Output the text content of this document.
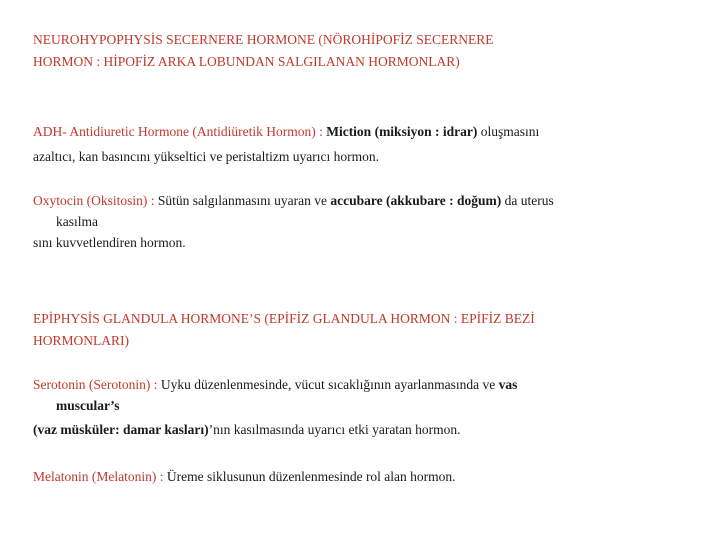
NEUROHYPOPHYSİS SECERNERE HORMONE (NÖROHİPOFİZ SECERNERE
HORMON : HİPOFİZ ARKA LOBUNDAN SALGILANAN HORMONLAR)
ADH- Antidiuretic Hormone (Antidiüretik Hormon) : Miction (miksiyon : idrar) oluşmasını
azaltıcı, kan basıncını yükseltici ve peristaltizm uyarıcı hormon.
Oxytocin (Oksitosin) : Sütün salgılanmasını uyaran ve accubare (akkubare : doğum) da uterus
kasılma
sını kuvvetlendiren hormon.
EPİPHYSİS GLANDULA HORMONE’S (EPİFİZ GLANDULA HORMON : EPİFİZ BEZİ
HORMONLARI)
Serotonin (Serotonin) : Uyku düzenlenmesinde, vücut sıcaklığının ayarlanmasında ve vas
muscular’s
(vaz müsküler: damar kasları)’nın kasılmasında uyarıcı etki yaratan hormon.
Melatonin (Melatonin) : Üreme siklusunun düzenlenmesinde rol alan hormon.
